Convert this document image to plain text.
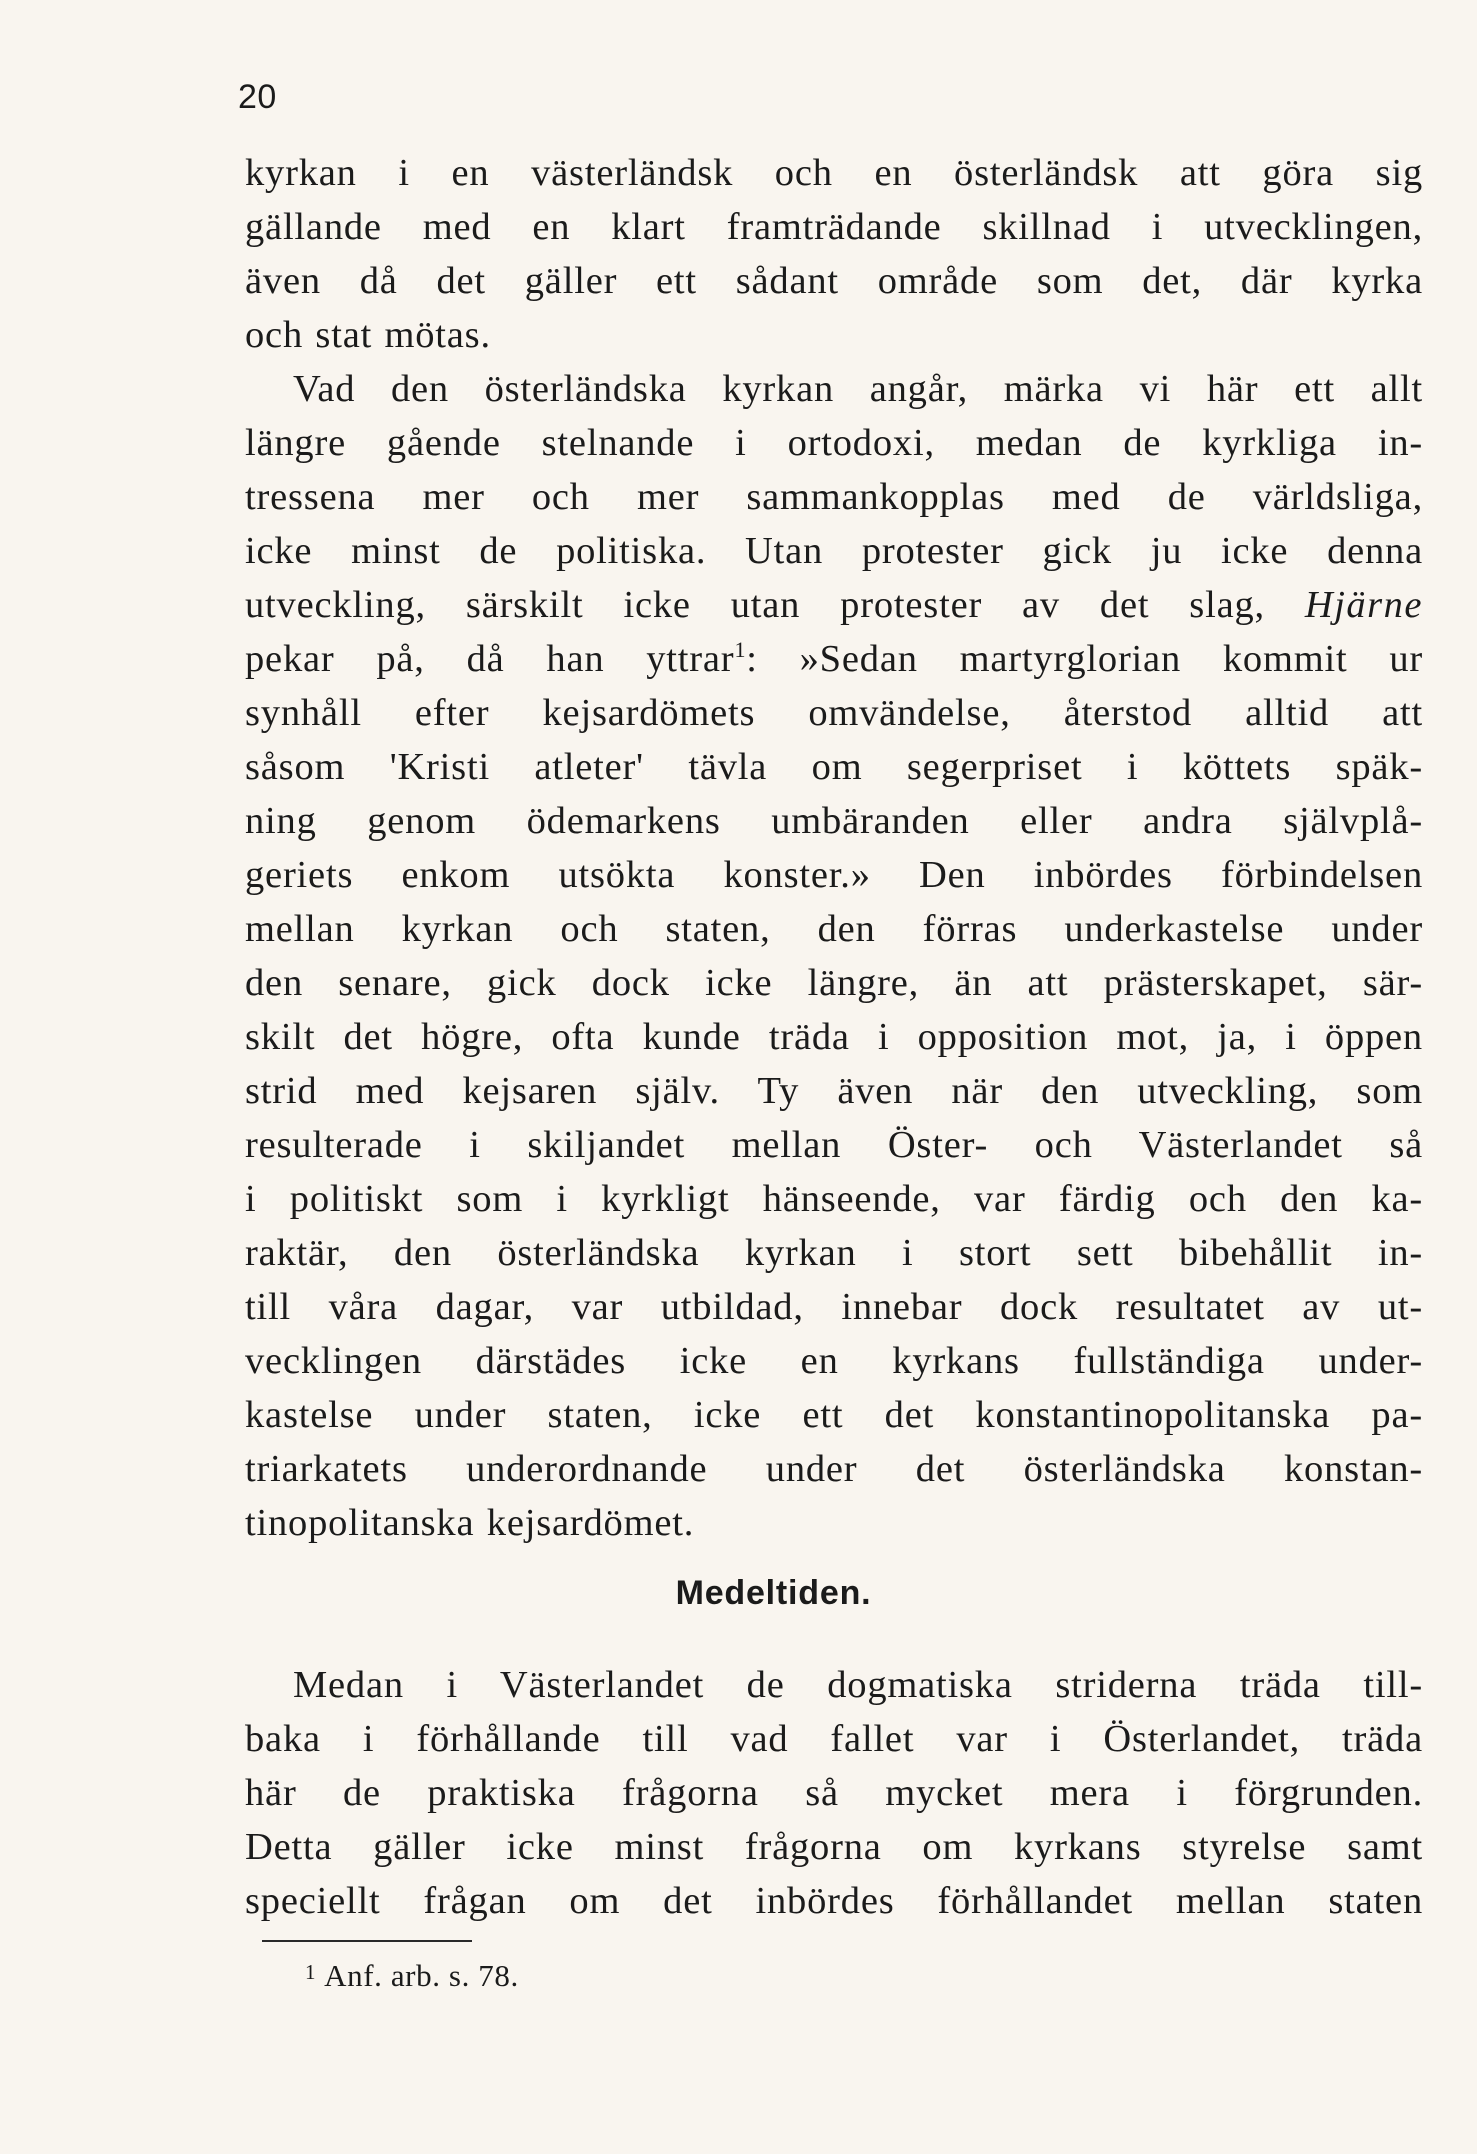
20
kyrkan i en västerländsk och en österländsk att göra sig
gällande med en klart framträdande skillnad i utvecklingen,
även då det gäller ett sådant område som det, där kyrka
och stat mötas.
Vad den österländska kyrkan angår, märka vi här ett allt
längre gående stelnande i ortodoxi, medan de kyrkliga in-
tressena mer och mer sammankopplas med de världsliga,
icke minst de politiska. Utan protester gick ju icke denna
utveckling, särskilt icke utan protester av det slag, Hjärne
pekar på, då han yttrar$^1$: »Sedan martyrglorian kommit ur
synhåll efter kejsardömets omvändelse, återstod alltid att
såsom 'Kristi atleter' tävla om segerpriset i köttets späk-
ning genom ödemarkens umbäranden eller andra självplå-
geriets enkom utsökta konster.» Den inbördes förbindelsen
mellan kyrkan och staten, den förras underkastelse under
den senare, gick dock icke längre, än att prästerskapet, sär-
skilt det högre, ofta kunde träda i opposition mot, ja, i öppen
strid med kejsaren själv. Ty även när den utveckling, som
resulterade i skiljandet mellan Öster- och Västerlandet så
i politiskt som i kyrkligt hänseende, var färdig och den ka-
raktär, den österländska kyrkan i stort sett bibehållit in-
till våra dagar, var utbildad, innebar dock resultatet av ut-
vecklingen därstädes icke en kyrkans fullständiga under-
kastelse under staten, icke ett det konstantinopolitanska pa-
triarkatets underordnande under det österländska konstan-
tinopolitanska kejsardömet.
Medeltiden.
Medan i Västerlandet de dogmatiska striderna träda till-
baka i förhållande till vad fallet var i Österlandet, träda
här de praktiska frågorna så mycket mera i förgrunden.
Detta gäller icke minst frågorna om kyrkans styrelse samt
speciellt frågan om det inbördes förhållandet mellan staten
$^1$ Anf. arb. s. 78.
